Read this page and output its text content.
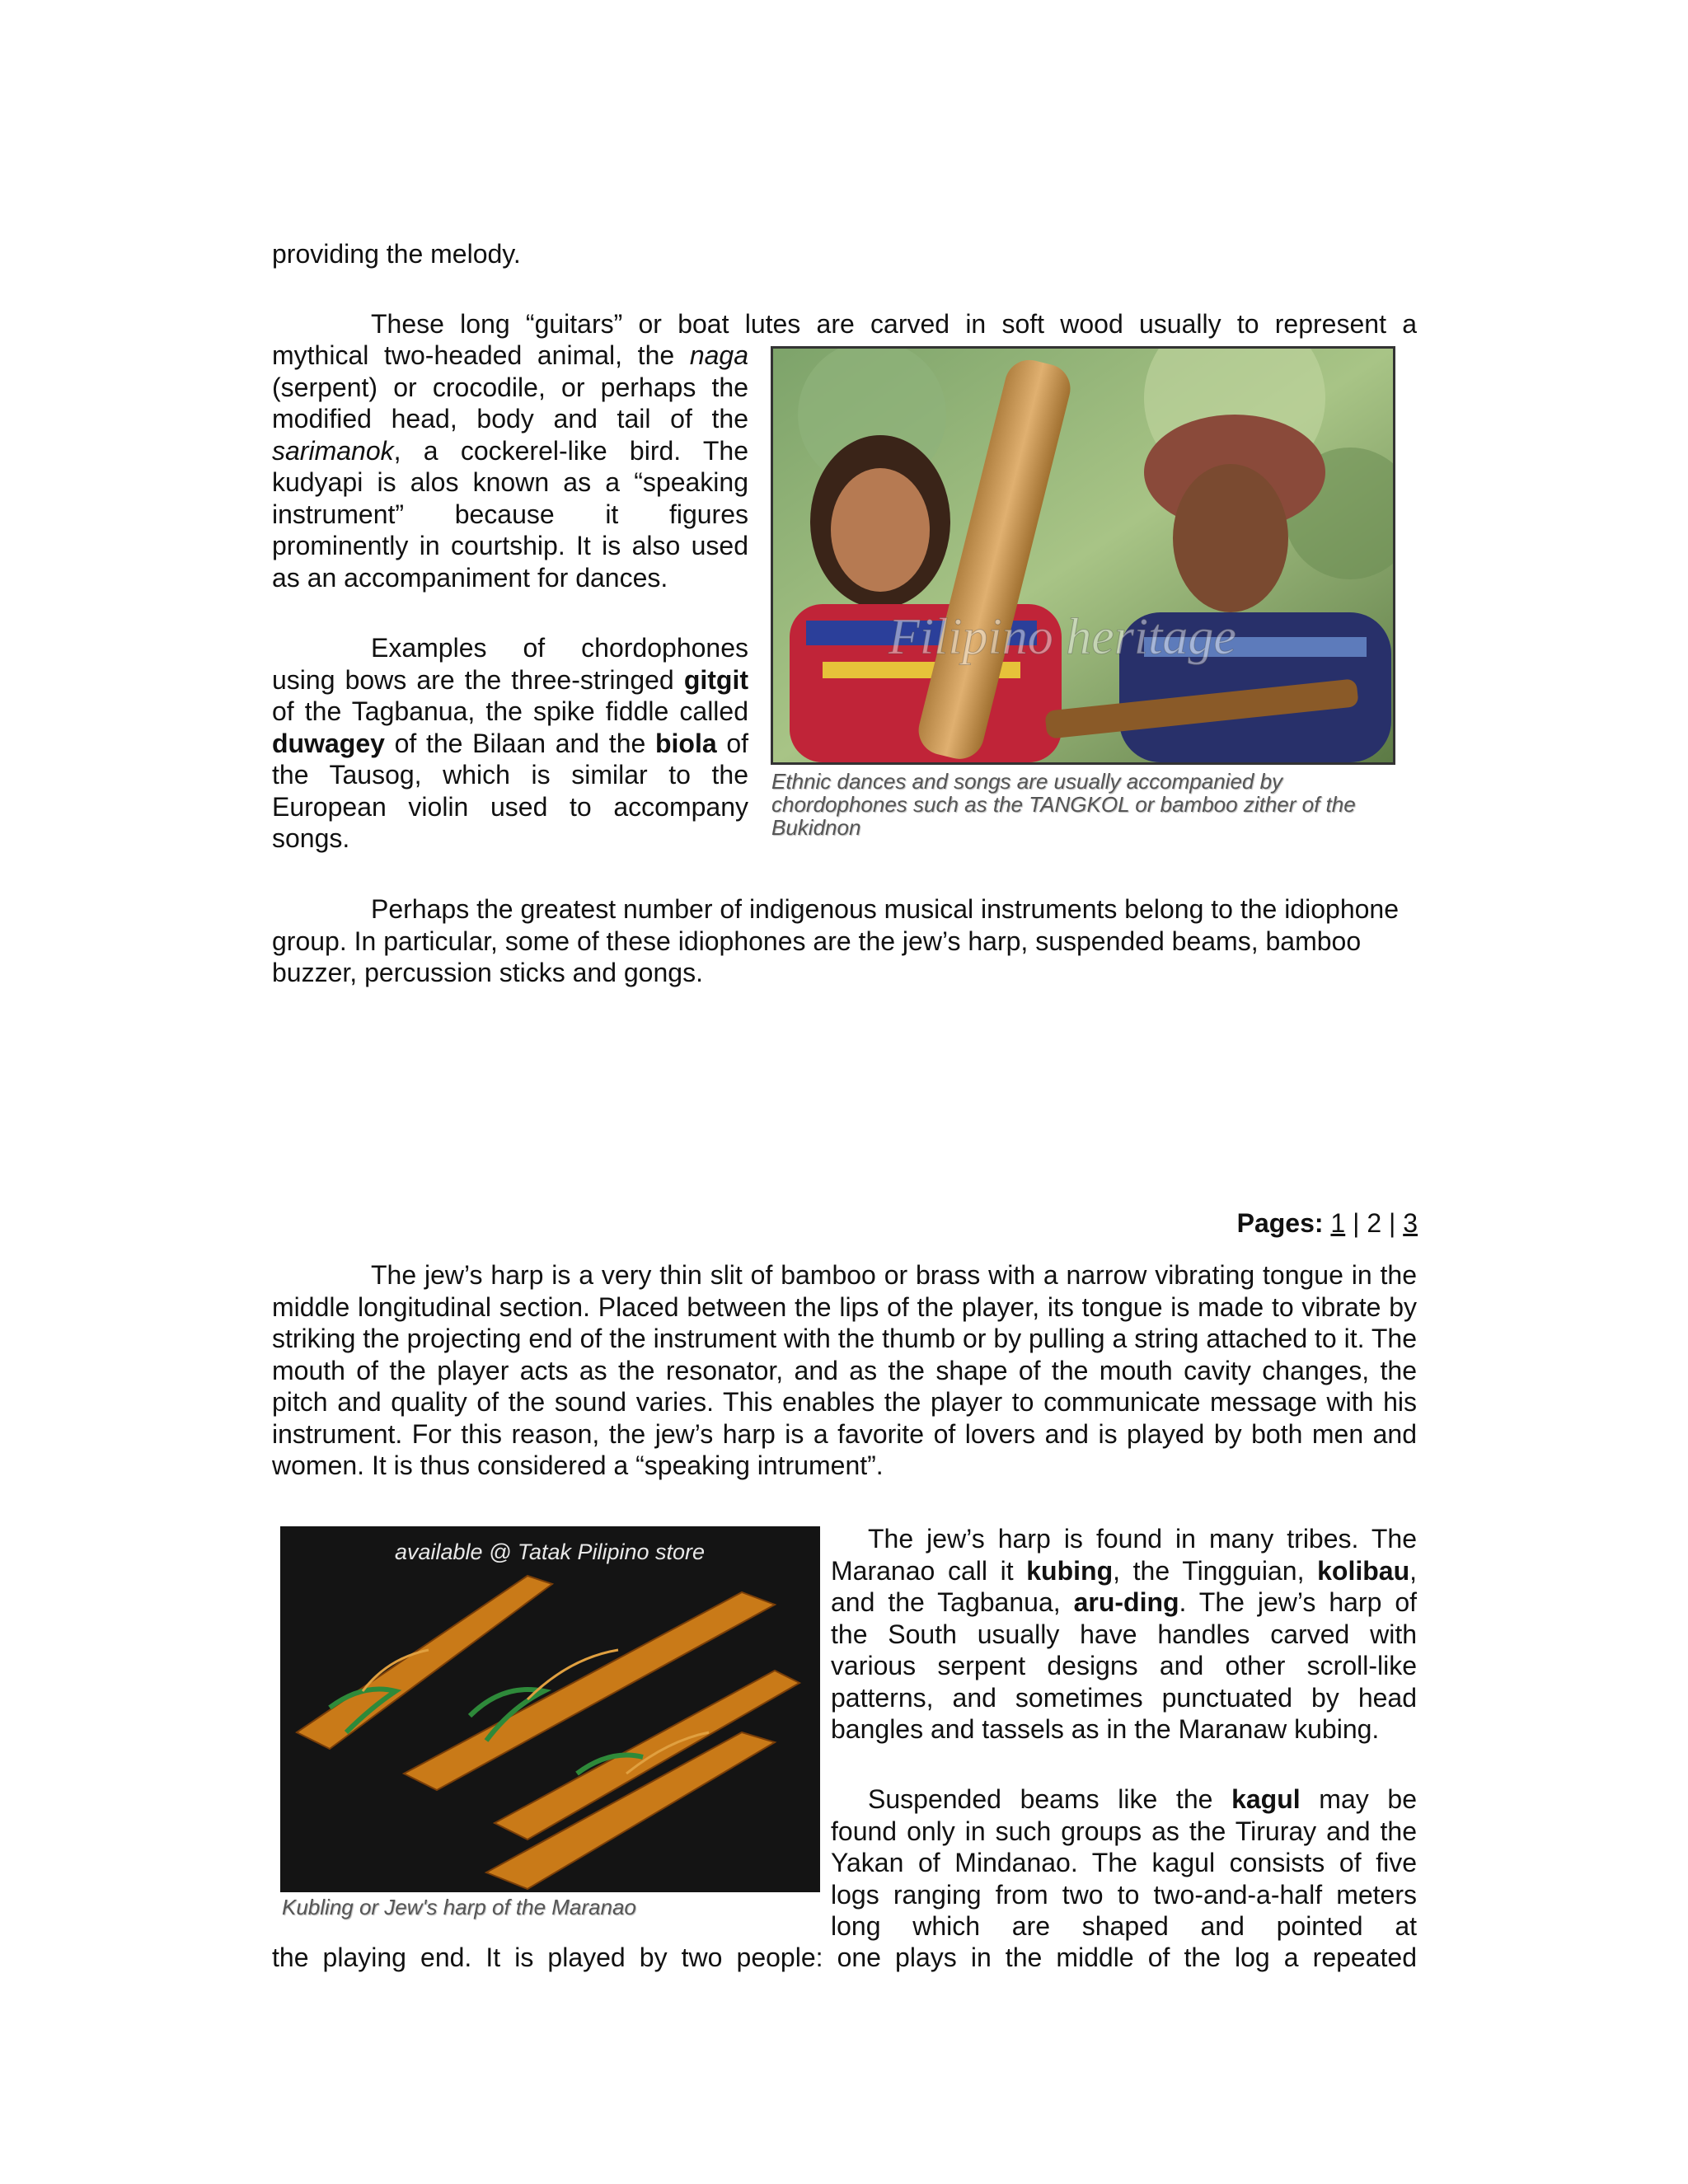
providing the melody.

These long “guitars” or boat lutes are carved in soft wood usually to represent a

mythical two-headed animal, the naga (serpent) or crocodile, or perhaps the modified head, body and tail of the sarimanok, a cockerel-like bird. The kudyapi is alos known as a “speaking instrument” because it figures prominently in courtship. It is also used as an accompaniment for dances.

Examples of chordophones using bows are the three-stringed gitgit of the Tagbanua, the spike fiddle called duwagey of the Bilaan and the biola of the Tausog, which is similar to the European violin used to accompany songs.

Filipino heritage

Ethnic dances and songs are usually accompanied by chordophones such as the TANGKOL or bamboo zither of the Bukidnon

Perhaps the greatest number of indigenous musical instruments belong to the idiophone group. In particular, some of these idiophones are the jew’s harp, suspended beams, bamboo buzzer, percussion sticks and gongs.

Pages: 1 | 2 | 3

The jew’s harp is a very thin slit of bamboo or brass with a narrow vibrating tongue in the middle longitudinal section. Placed between the lips of the player, its tongue is made to vibrate by striking the projecting end of the instrument with the thumb or by pulling a string attached to it. The mouth of the player acts as the resonator, and as the shape of the mouth cavity changes, the pitch and quality of the sound varies. This enables the player to communicate message with his instrument. For this reason, the jew’s harp is a favorite of lovers and is played by both men and women. It is thus considered a “speaking intrument”.

available @ Tatak Pilipino store

Kubling or Jew's harp of the Maranao

The jew’s harp is found in many tribes. The Maranao call it kubing, the Tingguian, kolibau, and the Tagbanua, aru-ding. The jew’s harp of the South usually have handles carved with various serpent designs and other scroll-like patterns, and sometimes punctuated by head bangles and tassels as in the Maranaw kubing.

Suspended beams like the kagul may be found only in such groups as the Tiruray and the Yakan of Mindanao. The kagul consists of five logs ranging from two to two-and-a-half meters long which are shaped and pointed at

the playing end. It is played by two people: one plays in the middle of the log a repeated
